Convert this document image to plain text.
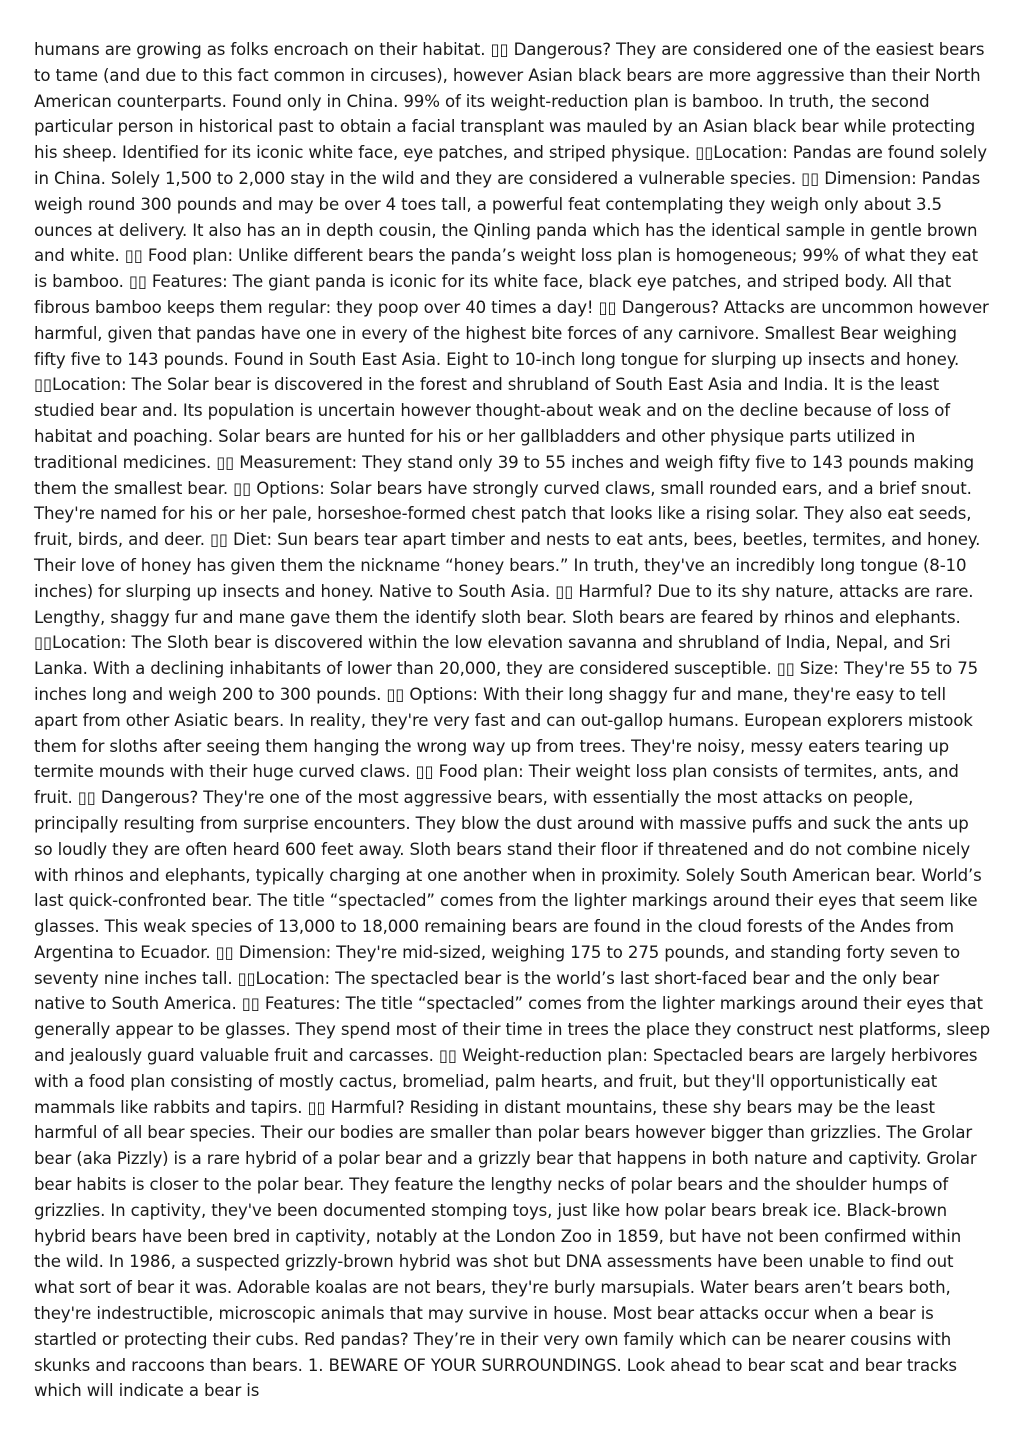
humans are growing as folks encroach on their habitat. ▯▯ Dangerous? They are considered one of the easiest bears to tame (and due to this fact common in circuses), however Asian black bears are more aggressive than their North American counterparts. Found only in China. 99% of its weight-reduction plan is bamboo. In truth, the second particular person in historical past to obtain a facial transplant was mauled by an Asian black bear while protecting his sheep. Identified for its iconic white face, eye patches, and striped physique. ▯▯Location: Pandas are found solely in China. Solely 1,500 to 2,000 stay in the wild and they are considered a vulnerable species. ▯▯ Dimension: Pandas weigh round 300 pounds and may be over 4 toes tall, a powerful feat contemplating they weigh only about 3.5 ounces at delivery. It also has an in depth cousin, the Qinling panda which has the identical sample in gentle brown and white. ▯▯ Food plan: Unlike different bears the panda’s weight loss plan is homogeneous; 99% of what they eat is bamboo. ▯▯ Features: The giant panda is iconic for its white face, black eye patches, and striped body. All that fibrous bamboo keeps them regular: they poop over 40 times a day! ▯▯ Dangerous? Attacks are uncommon however harmful, given that pandas have one in every of the highest bite forces of any carnivore. Smallest Bear weighing fifty five to 143 pounds. Found in South East Asia. Eight to 10-inch long tongue for slurping up insects and honey. ▯▯Location: The Solar bear is discovered in the forest and shrubland of South East Asia and India. It is the least studied bear and. Its population is uncertain however thought-about weak and on the decline because of loss of habitat and poaching. Solar bears are hunted for his or her gallbladders and other physique parts utilized in traditional medicines. ▯▯ Measurement: They stand only 39 to 55 inches and weigh fifty five to 143 pounds making them the smallest bear. ▯▯ Options: Solar bears have strongly curved claws, small rounded ears, and a brief snout. They're named for his or her pale, horseshoe-formed chest patch that looks like a rising solar. They also eat seeds, fruit, birds, and deer. ▯▯ Diet: Sun bears tear apart timber and nests to eat ants, bees, beetles, termites, and honey. Their love of honey has given them the nickname “honey bears.” In truth, they've an incredibly long tongue (8-10 inches) for slurping up insects and honey. Native to South Asia. ▯▯ Harmful? Due to its shy nature, attacks are rare. Lengthy, shaggy fur and mane gave them the identify sloth bear. Sloth bears are feared by rhinos and elephants. ▯▯Location: The Sloth bear is discovered within the low elevation savanna and shrubland of India, Nepal, and Sri Lanka. With a declining inhabitants of lower than 20,000, they are considered susceptible. ▯▯ Size: They're 55 to 75 inches long and weigh 200 to 300 pounds. ▯▯ Options: With their long shaggy fur and mane, they're easy to tell apart from other Asiatic bears. In reality, they're very fast and can out-gallop humans. European explorers mistook them for sloths after seeing them hanging the wrong way up from trees. They're noisy, messy eaters tearing up termite mounds with their huge curved claws. ▯▯ Food plan: Their weight loss plan consists of termites, ants, and fruit. ▯▯ Dangerous? They're one of the most aggressive bears, with essentially the most attacks on people, principally resulting from surprise encounters. They blow the dust around with massive puffs and suck the ants up so loudly they are often heard 600 feet away. Sloth bears stand their floor if threatened and do not combine nicely with rhinos and elephants, typically charging at one another when in proximity. Solely South American bear. World’s last quick-confronted bear. The title “spectacled” comes from the lighter markings around their eyes that seem like glasses. This weak species of 13,000 to 18,000 remaining bears are found in the cloud forests of the Andes from Argentina to Ecuador. ▯▯ Dimension: They're mid-sized, weighing 175 to 275 pounds, and standing forty seven to seventy nine inches tall. ▯▯Location: The spectacled bear is the world’s last short-faced bear and the only bear native to South America. ▯▯ Features: The title “spectacled” comes from the lighter markings around their eyes that generally appear to be glasses. They spend most of their time in trees the place they construct nest platforms, sleep and jealously guard valuable fruit and carcasses. ▯▯ Weight-reduction plan: Spectacled bears are largely herbivores with a food plan consisting of mostly cactus, bromeliad, palm hearts, and fruit, but they'll opportunistically eat mammals like rabbits and tapirs. ▯▯ Harmful? Residing in distant mountains, these shy bears may be the least harmful of all bear species. Their our bodies are smaller than polar bears however bigger than grizzlies. The Grolar bear (aka Pizzly) is a rare hybrid of a polar bear and a grizzly bear that happens in both nature and captivity. Grolar bear habits is closer to the polar bear. They feature the lengthy necks of polar bears and the shoulder humps of grizzlies. In captivity, they've been documented stomping toys, just like how polar bears break ice. Black-brown hybrid bears have been bred in captivity, notably at the London Zoo in 1859, but have not been confirmed within the wild. In 1986, a suspected grizzly-brown hybrid was shot but DNA assessments have been unable to find out what sort of bear it was. Adorable koalas are not bears, they're burly marsupials. Water bears aren’t bears both, they're indestructible, microscopic animals that may survive in house. Most bear attacks occur when a bear is startled or protecting their cubs. Red pandas? They’re in their very own family which can be nearer cousins with skunks and raccoons than bears. 1. BEWARE OF YOUR SURROUNDINGS. Look ahead to bear scat and bear tracks which will indicate a bear is
